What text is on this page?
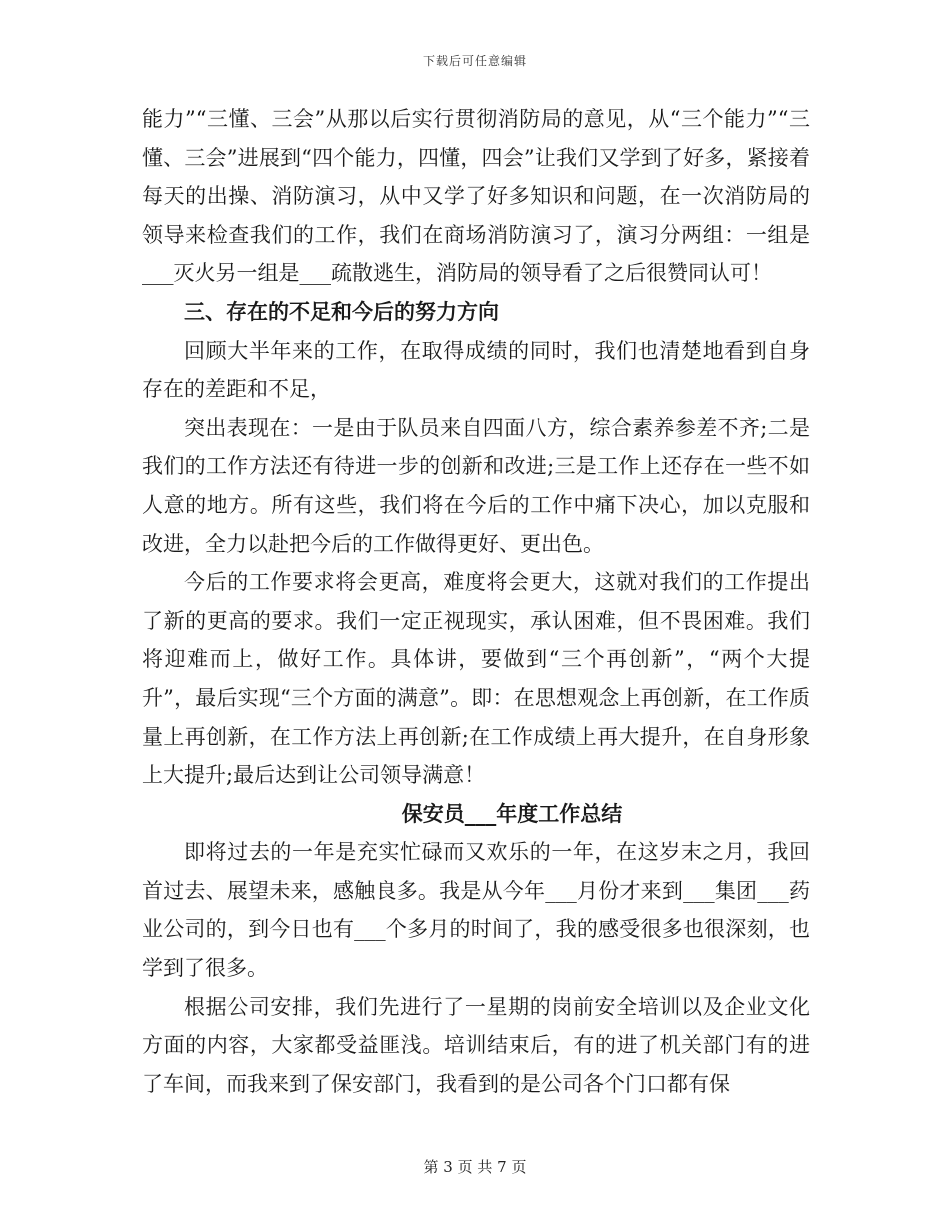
下载后可任意编辑

能力”“三懂、三会”从那以后实行贯彻消防局的意见，从“三个能力”“三懂、三会”进展到“四个能力，四懂，四会”让我们又学到了好多，紧接着每天的出操、消防演习，从中又学了好多知识和问题，在一次消防局的领导来检查我们的工作，我们在商场消防演习了，演习分两组：一组是___灭火另一组是___疏散逃生，消防局的领导看了之后很赞同认可！

三、存在的不足和今后的努力方向

回顾大半年来的工作，在取得成绩的同时，我们也清楚地看到自身存在的差距和不足，

突出表现在：一是由于队员来自四面八方，综合素养参差不齐;二是我们的工作方法还有待进一步的创新和改进;三是工作上还存在一些不如人意的地方。所有这些，我们将在今后的工作中痛下决心，加以克服和改进，全力以赴把今后的工作做得更好、更出色。

今后的工作要求将会更高，难度将会更大，这就对我们的工作提出了新的更高的要求。我们一定正视现实，承认困难，但不畏困难。我们将迎难而上，做好工作。具体讲，要做到“三个再创新”，“两个大提升”，最后实现“三个方面的满意”。即：在思想观念上再创新，在工作质量上再创新，在工作方法上再创新;在工作成绩上再大提升，在自身形象上大提升;最后达到让公司领导满意！

保安员___年度工作总结

即将过去的一年是充实忙碌而又欢乐的一年，在这岁末之月，我回首过去、展望未来，感触良多。我是从今年___月份才来到___集团___药业公司的，到今日也有___个多月的时间了，我的感受很多也很深刻，也学到了很多。

根据公司安排，我们先进行了一星期的岗前安全培训以及企业文化方面的内容，大家都受益匪浅。培训结束后，有的进了机关部门有的进了车间，而我来到了保安部门，我看到的是公司各个门口都有保

第 3 页 共 7 页
